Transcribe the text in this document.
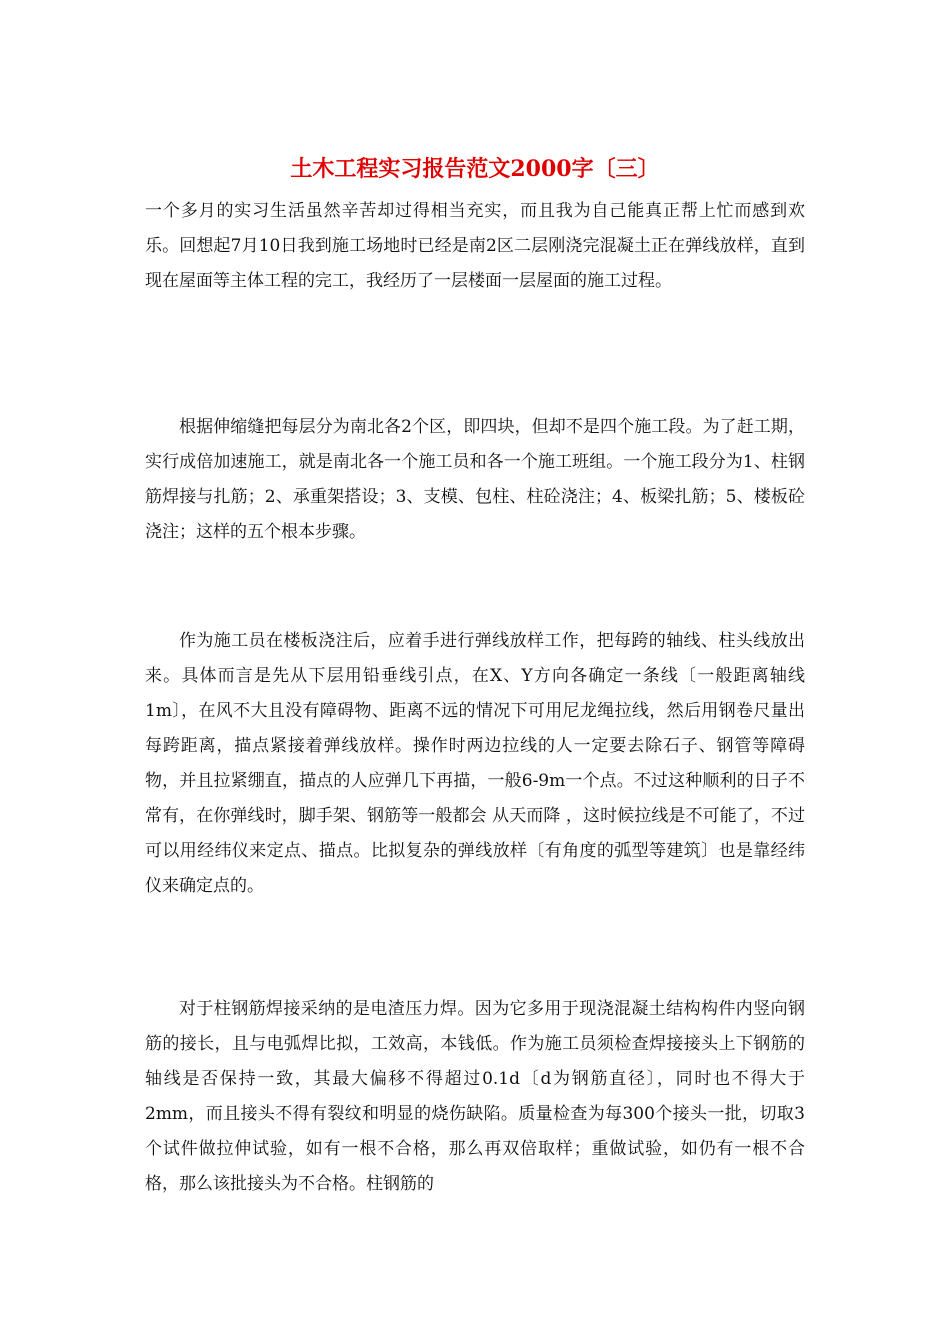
土木工程实习报告范文2000字〔三〕

一个多月的实习生活虽然辛苦却过得相当充实，而且我为自己能真正帮上忙而感到欢乐。回想起7月10日我到施工场地时已经是南2区二层刚浇完混凝土正在弹线放样，直到现在屋面等主体工程的完工，我经历了一层楼面一层屋面的施工过程。

根据伸缩缝把每层分为南北各2个区，即四块，但却不是四个施工段。为了赶工期，实行成倍加速施工，就是南北各一个施工员和各一个施工班组。一个施工段分为1、柱钢筋焊接与扎筋；2、承重架搭设；3、支模、包柱、柱砼浇注；4、板梁扎筋；5、楼板砼浇注；这样的五个根本步骤。

作为施工员在楼板浇注后，应着手进行弹线放样工作，把每跨的轴线、柱头线放出来。具体而言是先从下层用铅垂线引点，在X、Y方向各确定一条线〔一般距离轴线1m〕，在风不大且没有障碍物、距离不远的情况下可用尼龙绳拉线，然后用钢卷尺量出每跨距离，描点紧接着弹线放样。操作时两边拉线的人一定要去除石子、钢管等障碍物，并且拉紧绷直，描点的人应弹几下再描，一般6-9m一个点。不过这种顺利的日子不常有，在你弹线时，脚手架、钢筋等一般都会 从天而降 ，这时候拉线是不可能了，不过可以用经纬仪来定点、描点。比拟复杂的弹线放样〔有角度的弧型等建筑〕也是靠经纬仪来确定点的。

对于柱钢筋焊接采纳的是电渣压力焊。因为它多用于现浇混凝土结构构件内竖向钢筋的接长，且与电弧焊比拟，工效高，本钱低。作为施工员须检查焊接接头上下钢筋的轴线是否保持一致，其最大偏移不得超过0.1d〔d为钢筋直径〕，同时也不得大于2mm，而且接头不得有裂纹和明显的烧伤缺陷。质量检查为每300个接头一批，切取3个试件做拉伸试验，如有一根不合格，那么再双倍取样；重做试验，如仍有一根不合格，那么该批接头为不合格。柱钢筋的
